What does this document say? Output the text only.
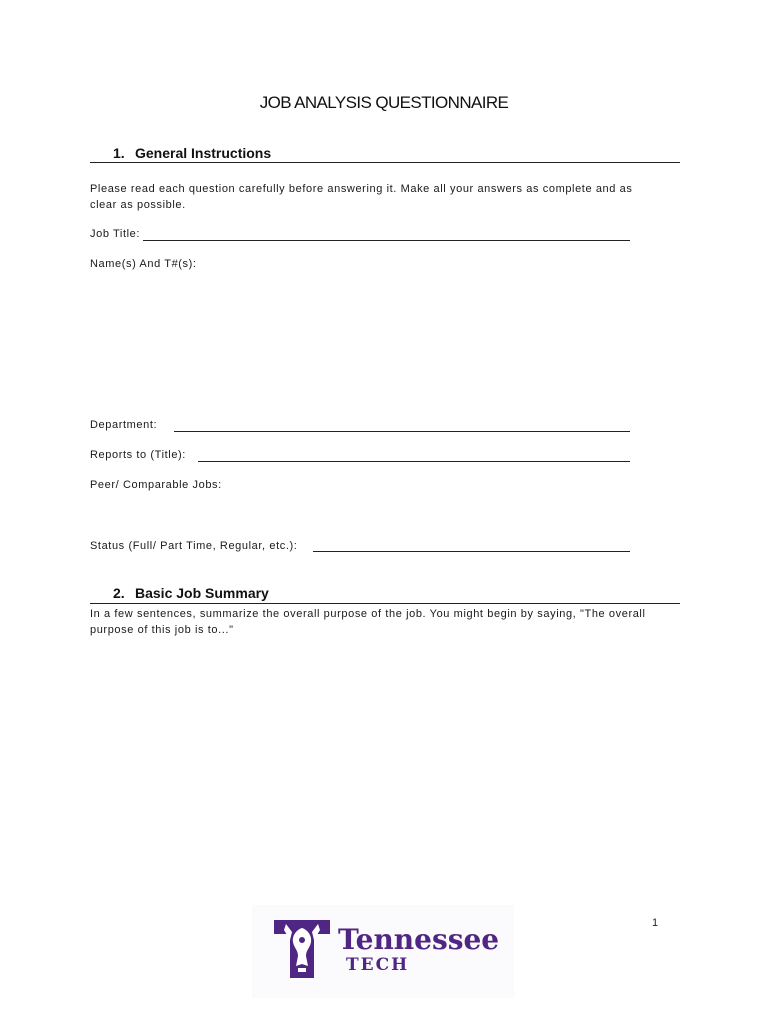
JOB ANALYSIS QUESTIONNAIRE
1. General Instructions
Please read each question carefully before answering it. Make all your answers as complete and as
clear as possible.
Job Title:
Name(s) And T#(s):
Department:
Reports to (Title):
Peer/ Comparable Jobs:
Status (Full/ Part Time, Regular, etc.):
2. Basic Job Summary
In a few sentences, summarize the overall purpose of the job. You might begin by saying, "The overall
purpose of this job is to..."
1
Tennessee
TECH
